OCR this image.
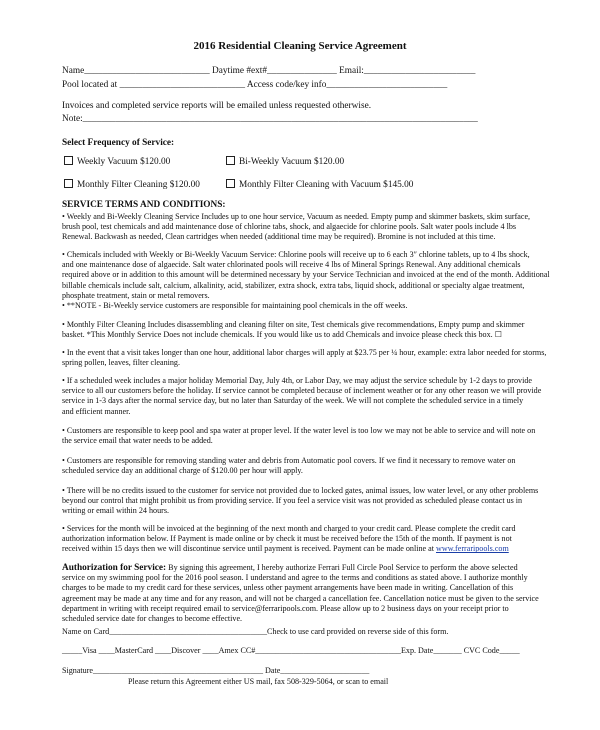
2016 Residential Cleaning Service Agreement
Name___________________________ Daytime #ext#_______________ Email:________________________
Pool located at ___________________________ Access code/key info__________________________
Invoices and completed service reports will be emailed unless requested otherwise.
Note:_____________________________________________________________________________________
Select Frequency of Service:
Weekly Vacuum $120.00	Bi-Weekly Vacuum $120.00
Monthly Filter Cleaning $120.00	Monthly Filter Cleaning with Vacuum $145.00
SERVICE TERMS AND CONDITIONS:
• Weekly and Bi-Weekly Cleaning Service Includes up to one hour service, Vacuum as needed. Empty pump and skimmer baskets, skim surface,
brush pool, test chemicals and add maintenance dose of chlorine tabs, shock, and algaecide for chlorine pools. Salt water pools include 4 lbs
Renewal. Backwash as needed, Clean cartridges when needed (additional time may be required). Bromine is not included at this time.
• Chemicals included with Weekly or Bi-Weekly Vacuum Service: Chlorine pools will receive up to 6 each 3″ chlorine tablets, up to 4 lbs shock,
and one maintenance dose of algaecide. Salt water chlorinated pools will receive 4 lbs of Mineral Springs Renewal. Any additional chemicals
required above or in addition to this amount will be determined necessary by your Service Technician and invoiced at the end of the month. Additional
billable chemicals include salt, calcium, alkalinity, acid, stabilizer, extra shock, extra tabs, liquid shock, additional or specialty algae treatment,
phosphate treatment, stain or metal removers.
• **NOTE - Bi-Weekly service customers are responsible for maintaining pool chemicals in the off weeks.
• Monthly Filter Cleaning Includes disassembling and cleaning filter on site, Test chemicals give recommendations, Empty pump and skimmer
basket. *This Monthly Service Does not include chemicals. If you would like us to add Chemicals and invoice please check this box. ☐
• In the event that a visit takes longer than one hour, additional labor charges will apply at $23.75 per ¼ hour, example: extra labor needed for storms,
spring pollen, leaves, filter cleaning.
• If a scheduled week includes a major holiday Memorial Day, July 4th, or Labor Day, we may adjust the service schedule by 1-2 days to provide
service to all our customers before the holiday. If service cannot be completed because of inclement weather or for any other reason we will provide
service in 1-3 days after the normal service day, but no later than Saturday of the week. We will not complete the scheduled service in a timely
and efficient manner.
• Customers are responsible to keep pool and spa water at proper level. If the water level is too low we may not be able to service and will note on
the service email that water needs to be added.
• Customers are responsible for removing standing water and debris from Automatic pool covers. If we find it necessary to remove water on
scheduled service day an additional charge of $120.00 per hour will apply.
• There will be no credits issued to the customer for service not provided due to locked gates, animal issues, low water level, or any other problems
beyond our control that might prohibit us from providing service. If you feel a service visit was not provided as scheduled please contact us in
writing or email within 24 hours.
• Services for the month will be invoiced at the beginning of the next month and charged to your credit card. Please complete the credit card
authorization information below. If Payment is made online or by check it must be received before the 15th of the month. If payment is not
received within 15 days then we will discontinue service until payment is received. Payment can be made online at www.ferraripools.com
Authorization for Service: By signing this agreement, I hereby authorize Ferrari Full Circle Pool Service to perform the above selected
service on my swimming pool for the 2016 pool season. I understand and agree to the terms and conditions as stated above. I authorize monthly
charges to be made to my credit card for these services, unless other payment arrangements have been made in writing. Cancellation of this
agreement may be made at any time and for any reason, and will not be charged a cancellation fee. Cancellation notice must be given to the service
department in writing with receipt required email to service@ferraripools.com. Please allow up to 2 business days on your receipt prior to
scheduled service date for changes to become effective.
Name on Card_______________________________________Check to use card provided on reverse side of this form.
_____Visa ____MasterCard ____Discover ____Amex CC#____________________________________Exp. Date_______ CVC Code_____
Signature__________________________________________ Date______________________
Please return this Agreement either US mail, fax 508-329-5064, or scan to email
